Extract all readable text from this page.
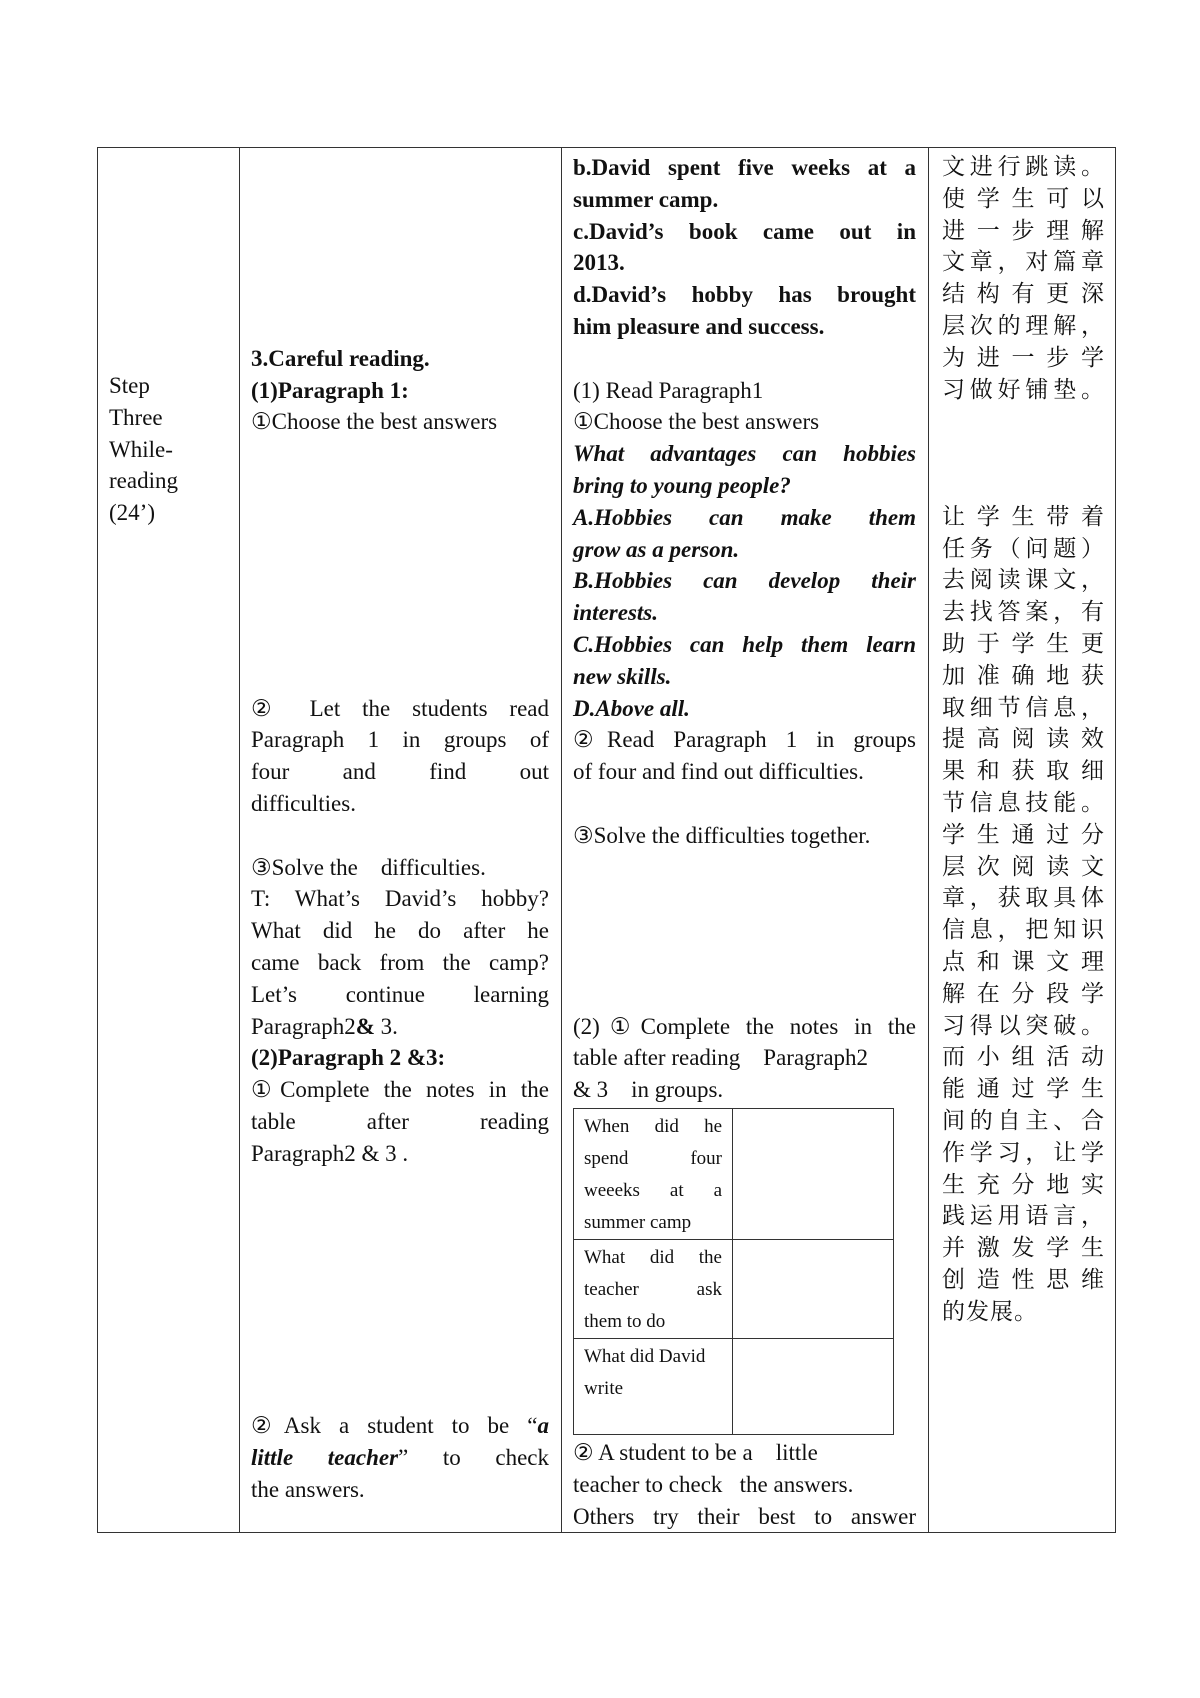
Step
Three
While-
reading
(24’)

3.Careful reading.
(1)Paragraph 1:
①Choose the best answers
② Let the students read
Paragraph 1 in groups of
four and find out
difficulties.
③Solve the    difficulties.
T: What’s David’s hobby?
What did he do after he
came back from the camp?
Let’s continue learning
Paragraph2& 3.
(2)Paragraph 2 &3:
①Complete the notes in the
table after reading
Paragraph2 & 3 .
②Ask a student to be “a
little teacher” to check
the answers.

b.David spent five weeks at a
summer camp.
c.David’s book came out in
2013.
d.David’s hobby has brought
him pleasure and success.
(1) Read Paragraph1
①Choose the best answers
What advantages can hobbies
bring to young people?
A.Hobbies can make them
grow as a person.
B.Hobbies can develop their
interests.
C.Hobbies can help them learn
new skills.
D.Above all.
②Read Paragraph 1 in groups
of four and find out difficulties.
③Solve the difficulties together.
(2)①Complete the notes in the
table after reading    Paragraph2
& 3    in groups.
When did he
spend four
weeeks at a
summer camp

What did the
teacher ask
them to do

What did David
write

② A student to be a    little
teacher to check   the answers.
Others try their best to answer

文进行跳读。
使学生可以
进一步理解
文章，对篇章
结构有更深
层次的理解，
为进一步学
习做好铺垫。
让学生带着
任务（问题）
去阅读课文，
去找答案，有
助于学生更
加准确地获
取细节信息，
提高阅读效
果和获取细
节信息技能。
学生通过分
层次阅读文
章，获取具体
信息，把知识
点和课文理
解在分段学
习得以突破。
而小组活动
能通过学生
间的自主、合
作学习，让学
生充分地实
践运用语言，
并激发学生
创造性思维
的发展。
